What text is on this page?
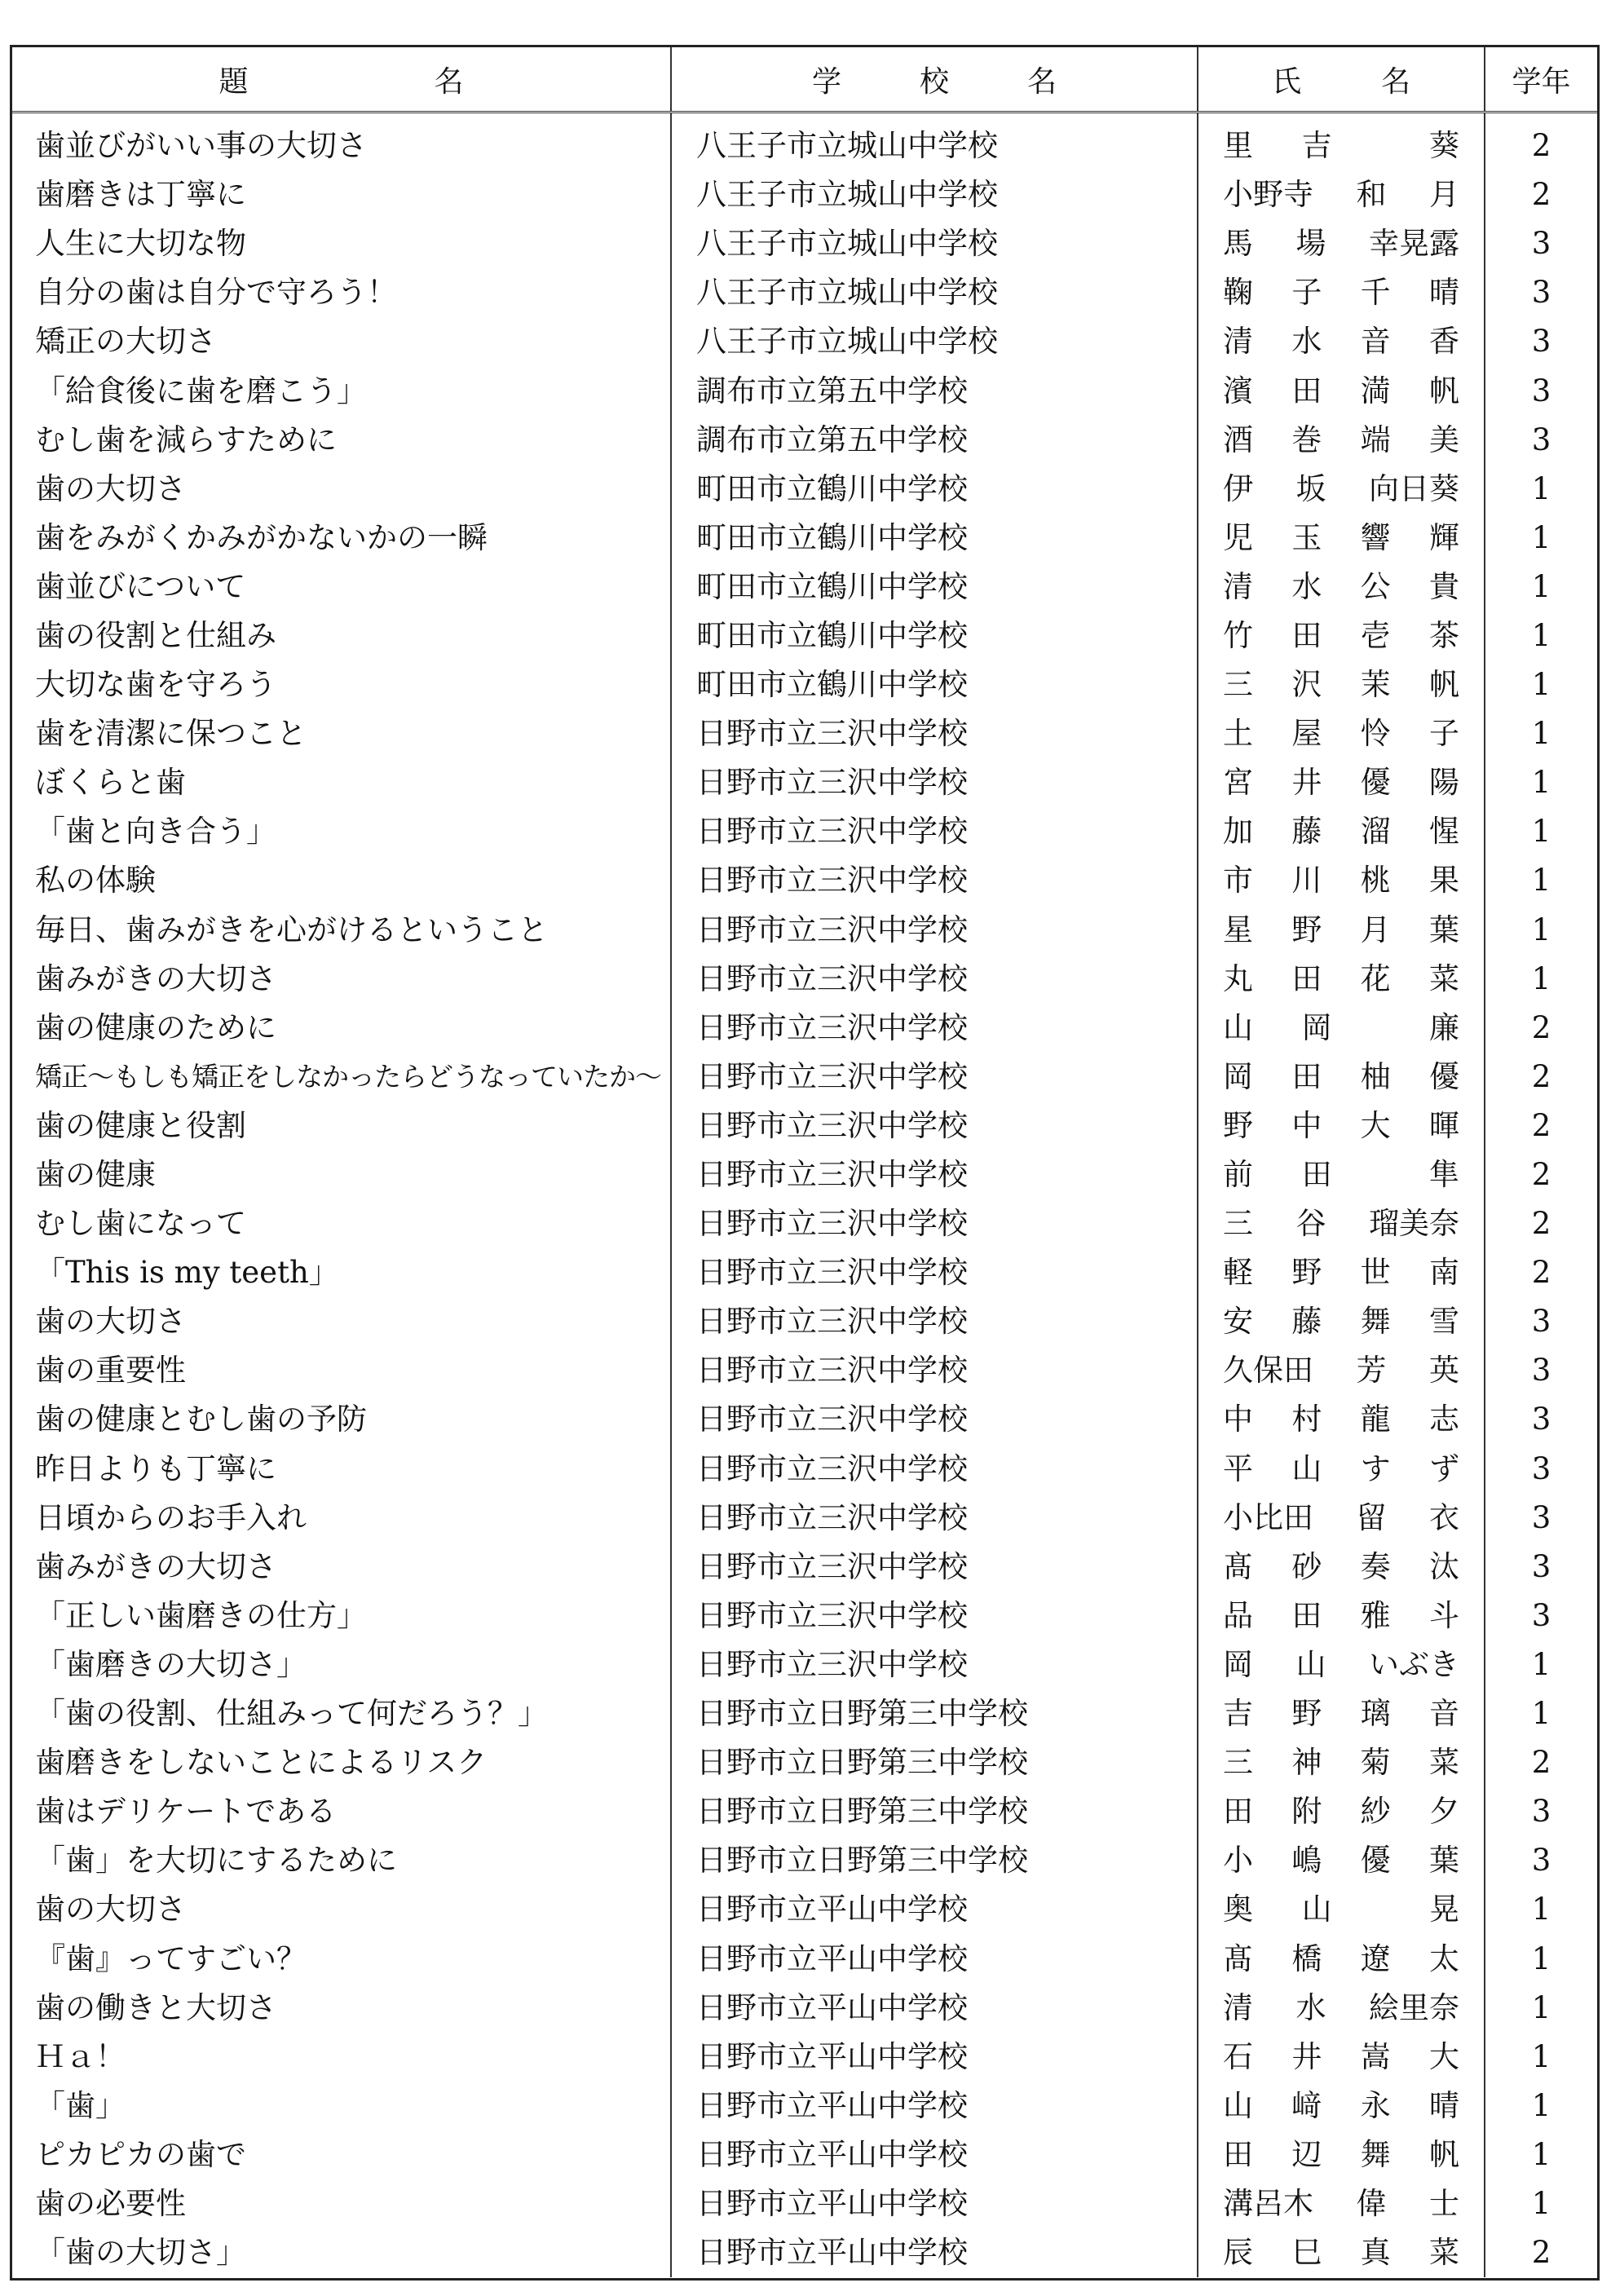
題 名	学 校 名	氏 名	学年
歯並びがいい事の大切さ	八王子市立城山中学校	里 吉 葵	2
歯磨きは丁寧に	八王子市立城山中学校	小野寺 和 月	2
人生に大切な物	八王子市立城山中学校	馬 場 幸晃露	3
自分の歯は自分で守ろう！	八王子市立城山中学校	鞠 子 千 晴	3
矯正の大切さ	八王子市立城山中学校	清 水 音 香	3
「給食後に歯を磨こう」	調布市立第五中学校	濱 田 満 帆	3
むし歯を減らすために	調布市立第五中学校	酒 巻 端 美	3
歯の大切さ	町田市立鶴川中学校	伊 坂 向日葵	1
歯をみがくかみがかないかの一瞬	町田市立鶴川中学校	児 玉 響 輝	1
歯並びについて	町田市立鶴川中学校	清 水 公 貴	1
歯の役割と仕組み	町田市立鶴川中学校	竹 田 壱 茶	1
大切な歯を守ろう	町田市立鶴川中学校	三 沢 茉 帆	1
歯を清潔に保つこと	日野市立三沢中学校	土 屋 怜 子	1
ぼくらと歯	日野市立三沢中学校	宮 井 優 陽	1
「歯と向き合う」	日野市立三沢中学校	加 藤 溜 惺	1
私の体験	日野市立三沢中学校	市 川 桃 果	1
毎日、歯みがきを心がけるということ	日野市立三沢中学校	星 野 月 葉	1
歯みがきの大切さ	日野市立三沢中学校	丸 田 花 菜	1
歯の健康のために	日野市立三沢中学校	山 岡 廉	2
矯正～もしも矯正をしなかったらどうなっていたか～	日野市立三沢中学校	岡 田 柚 優	2
歯の健康と役割	日野市立三沢中学校	野 中 大 暉	2
歯の健康	日野市立三沢中学校	前 田 隼	2
むし歯になって	日野市立三沢中学校	三 谷 瑠美奈	2
「This is my teeth」	日野市立三沢中学校	軽 野 世 南	2
歯の大切さ	日野市立三沢中学校	安 藤 舞 雪	3
歯の重要性	日野市立三沢中学校	久保田 芳 英	3
歯の健康とむし歯の予防	日野市立三沢中学校	中 村 龍 志	3
昨日よりも丁寧に	日野市立三沢中学校	平 山 す ず	3
日頃からのお手入れ	日野市立三沢中学校	小比田 留 衣	3
歯みがきの大切さ	日野市立三沢中学校	髙 砂 奏 汰	3
「正しい歯磨きの仕方」	日野市立三沢中学校	品 田 雅 斗	3
「歯磨きの大切さ」	日野市立三沢中学校	岡 山 いぶき	1
「歯の役割、仕組みって何だろう？」	日野市立日野第三中学校	吉 野 璃 音	1
歯磨きをしないことによるリスク	日野市立日野第三中学校	三 神 菊 菜	2
歯はデリケートである	日野市立日野第三中学校	田 附 紗 夕	3
「歯」を大切にするために	日野市立日野第三中学校	小 嶋 優 葉	3
歯の大切さ	日野市立平山中学校	奥 山 晃	1
『歯』ってすごい？	日野市立平山中学校	髙 橋 遼 太	1
歯の働きと大切さ	日野市立平山中学校	清 水 絵里奈	1
Ｈａ！	日野市立平山中学校	石 井 嵩 大	1
「歯」	日野市立平山中学校	山 﨑 永 晴	1
ピカピカの歯で	日野市立平山中学校	田 辺 舞 帆	1
歯の必要性	日野市立平山中学校	溝呂木 偉 士	1
「歯の大切さ」	日野市立平山中学校	辰 巳 真 菜	2
